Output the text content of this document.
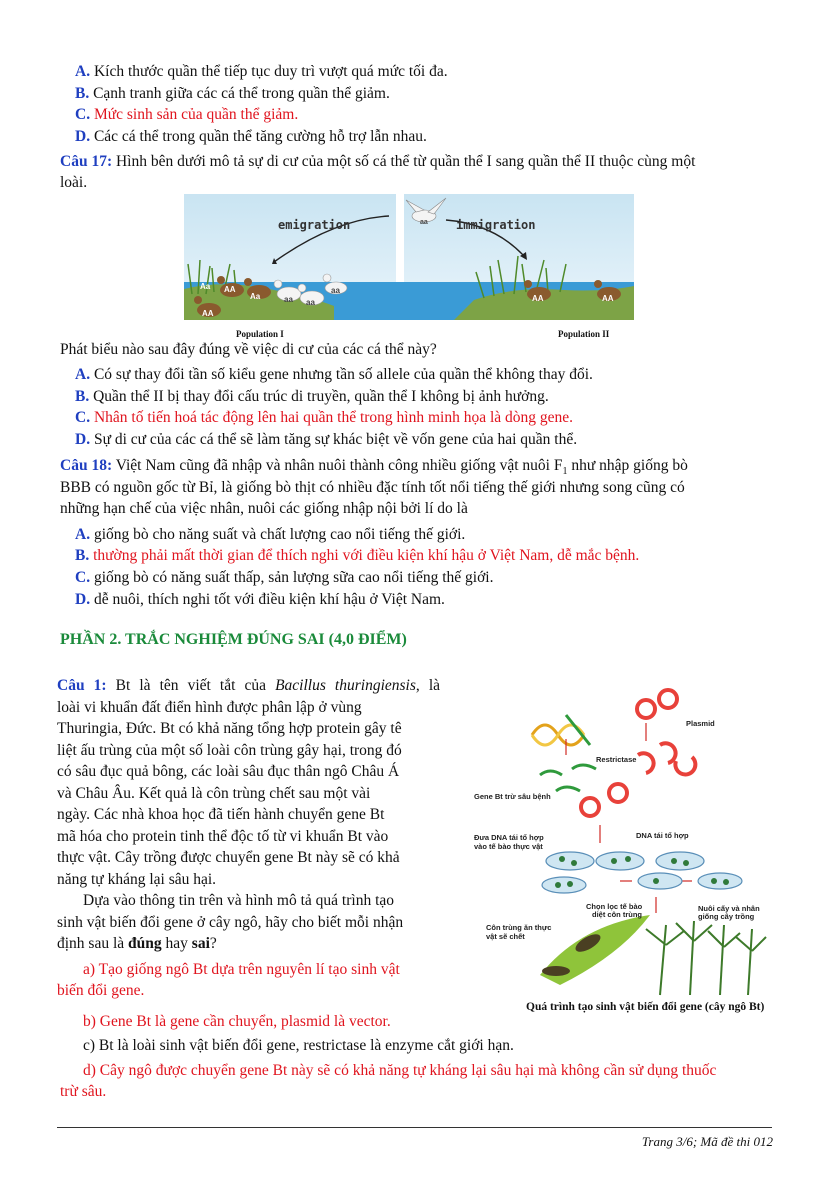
A. Kích thước quần thể tiếp tục duy trì vượt quá mức tối đa.
B. Cạnh tranh giữa các cá thể trong quần thể giảm.
C. Mức sinh sản của quần thể giảm.
D. Các cá thể trong quần thể tăng cường hỗ trợ lẫn nhau.
Câu 17: Hình bên dưới mô tả sự di cư của một số cá thể từ quần thể I sang quần thể II thuộc cùng một
loài.
emigration	immigration
Aa AA
Aa	aa aa
aa
aa
AA
AA	AA
Population I	Population II
Phát biểu nào sau đây đúng về việc di cư của các cá thể này?
A. Có sự thay đổi tần số kiểu gene nhưng tần số allele của quần thể không thay đổi.
B. Quần thể II bị thay đổi cấu trúc di truyền, quần thể I không bị ảnh hưởng.
C. Nhân tố tiến hoá tác động lên hai quần thể trong hình minh họa là dòng gene.
D. Sự di cư của các cá thể sẽ làm tăng sự khác biệt về vốn gene của hai quần thể.
Câu 18: Việt Nam cũng đã nhập và nhân nuôi thành công nhiều giống vật nuôi $F_1$ như nhập giống bò
BBB có nguồn gốc từ Bỉ, là giống bò thịt có nhiều đặc tính tốt nổi tiếng thế giới nhưng song cũng có
những hạn chế của việc nhân, nuôi các giống nhập nội bởi lí do là
A. giống bò cho năng suất và chất lượng cao nổi tiếng thế giới.
B. thường phải mất thời gian để thích nghi với điều kiện khí hậu ở Việt Nam, dễ mắc bệnh.
C. giống bò có năng suất thấp, sản lượng sữa cao nổi tiếng thế giới.
D. dễ nuôi, thích nghi tốt với điều kiện khí hậu ở Việt Nam.
PHẦN 2. TRẮC NGHIỆM ĐÚNG SAI (4,0 ĐIỂM)
Câu 1: Bt là tên viết tắt của Bacillus thuringiensis, là
loài vi khuẩn đất điển hình được phân lập ở vùng
Thuringia, Đức. Bt có khả năng tổng hợp protein gây tê
liệt ấu trùng của một số loài côn trùng gây hại, trong đó
có sâu đục quả bông, các loài sâu đục thân ngô Châu Á
và Châu Âu. Kết quả là côn trùng chết sau một vài
ngày. Các nhà khoa học đã tiến hành chuyển gene Bt
mã hóa cho protein tinh thể độc tố từ vi khuẩn Bt vào
thực vật. Cây trồng được chuyển gene Bt này sẽ có khả
năng tự kháng lại sâu hại.
Dựa vào thông tin trên và hình mô tả quá trình tạo
sinh vật biến đổi gene ở cây ngô, hãy cho biết mỗi nhận
định sau là đúng hay sai?
a) Tạo giống ngô Bt dựa trên nguyên lí tạo sinh vật
biến đổi gene.
b) Gene Bt là gene cần chuyển, plasmid là vector.
c) Bt là loài sinh vật biến đổi gene, restrictase là enzyme cắt giới hạn.
d) Cây ngô được chuyển gene Bt này sẽ có khả năng tự kháng lại sâu hại mà không cần sử dụng thuốc
trừ sâu.
Plasmid
Restrictase
Gene Bt trừ sâu bệnh
DNA tái tổ hợp
Đưa DNA tái tổ hợp
vào tế bào thực vật
Chọn lọc tế bào
diệt côn trùng
Nuôi cấy và nhân
giống cây trồng
Côn trùng ăn thực
vật sẽ chết
Quá trình tạo sinh vật biến đổi gene (cây ngô Bt)
Trang 3/6; Mã đề thi 012
